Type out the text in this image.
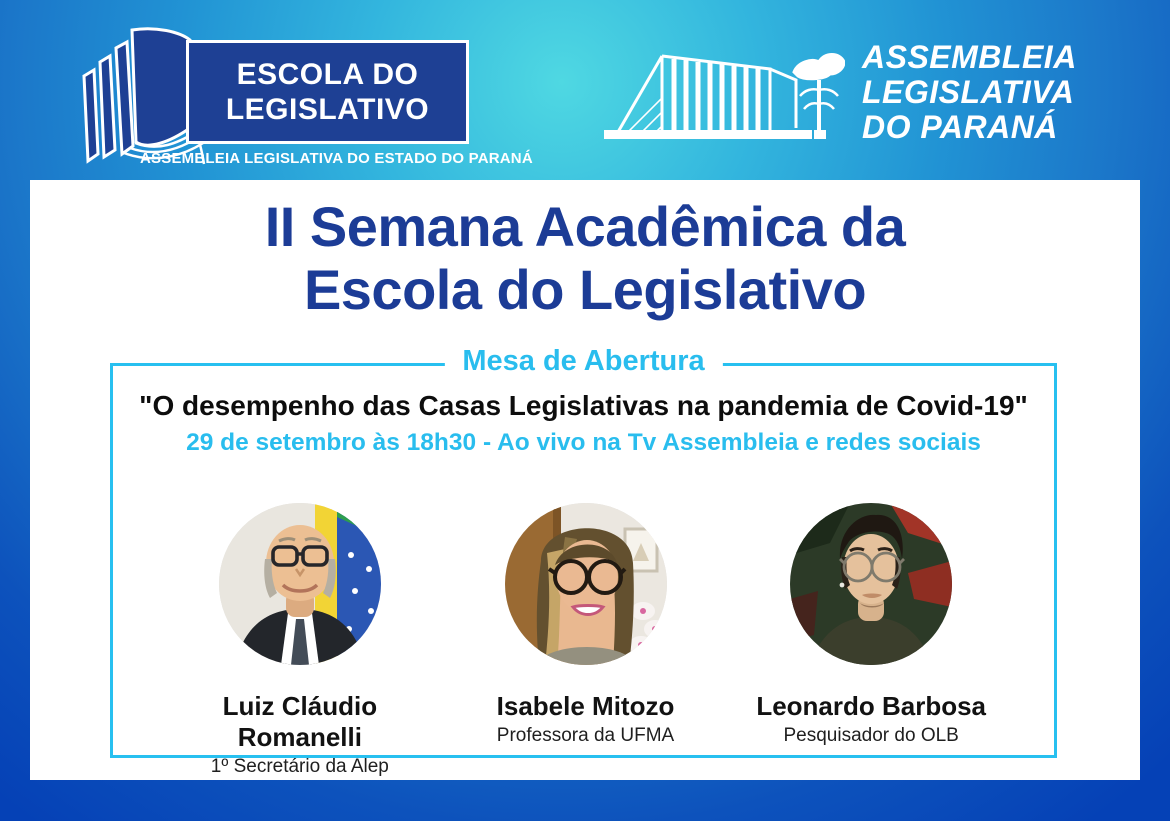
ESCOLA DO
LEGISLATIVO
ASSEMBLEIA LEGISLATIVA DO ESTADO DO PARANÁ
ASSEMBLEIA
LEGISLATIVA
DO PARANÁ
II Semana Acadêmica da
Escola do Legislativo
Mesa de Abertura
"O desempenho das Casas Legislativas na pandemia de Covid-19"
29 de setembro às 18h30 - Ao vivo na Tv Assembleia e redes sociais
Luiz Cláudio Romanelli
1º Secretário da Alep
Isabele Mitozo
Professora da UFMA
Leonardo Barbosa
Pesquisador do OLB
